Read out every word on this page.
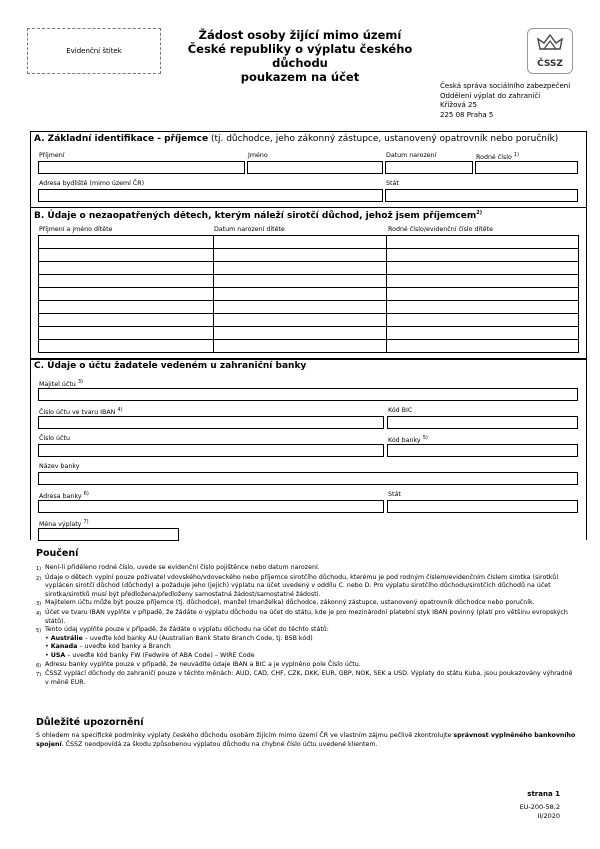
Evidenční štítek
Žádost osoby žijící mimo území
České republiky o výplatu českého důchodu
poukazem na účet
ČSSZ
Česká správa sociálního zabezpečení
Oddělení výplat do zahraničí
Křížová 25
225 08 Praha 5
A. Základní identifikace - příjemce (tj. důchodce, jeho zákonný zástupce, ustanovený opatrovník nebo poručník)
Příjmení	Jméno	Datum narození	Rodné číslo $^{1)}$
Adresa bydliště (mimo území ČR)	Stát
B. Údaje o nezaopatřených dětech, kterým náleží sirotčí důchod, jehož jsem příjemcem$^{2)}$
Příjmení a jméno dítěte	Datum narození dítěte	Rodné číslo/evidenční číslo dítěte

C. Údaje o účtu žadatele vedeném u zahraniční banky
Majitel účtu $^{3)}$
Číslo účtu ve tvaru IBAN $^{4)}$	Kód BIC
Číslo účtu	Kód banky $^{5)}$
Název banky
Adresa banky $^{6)}$	Stát
Měna výplaty $^{7)}$
Poučení
1) Není-li přiděleno rodné číslo, uvede se evidenční číslo pojištěnce nebo datum narození.
2) Údaje o dětech vyplní pouze poživatel vdovského/vdoveckého nebo příjemce sirotčího důchodu, kterému je pod rodným číslem/evidenčním číslem sirotka (sirotků) vyplácen sirotčí důchod (důchody) a požaduje jeho (jejich) výplatu na účet uvedený v oddílu C. nebo D. Pro výplatu sirotčího důchodu/sirotčích důchodů na účet sirotka/sirotků musí být předložena/předloženy samostatná žádost/samostatné žádosti.
3) Majitelem účtu může být pouze příjemce (tj. důchodce), manžel (manželka) důchodce, zákonný zástupce, ustanovený opatrovník důchodce nebo poručník.
4) Účet ve tvaru IBAN vyplňte v případě, že žádáte o výplatu důchodu na účet do státu, kde je pro mezinárodní platební styk IBAN povinný (platí pro většinu evropských států).
5) Tento údaj vyplňte pouze v případě, že žádáte o výplatu důchodu na účet do těchto států:
• Austrálie – uveďte kód banky AU (Australian Bank State Branch Code, tj. BSB kód)
• Kanada – uveďte kód banky a Branch
• USA – uveďte kód banky FW (Fedwire of ABA Code) – WIRE Code
6) Adresu banky vyplňte pouze v případě, že neuvádíte údaje IBAN a BIC a je vyplněno pole Číslo účtu.
7) ČSSZ vyplácí důchody do zahraničí pouze v těchto měnách: AUD, CAD, CHF, CZK, DKK, EUR, GBP, NOK, SEK a USD. Výplaty do státu Kuba, jsou poukazovány výhradně v měně EUR.
Důležité upozornění
S ohledem na specifické podmínky výplaty českého důchodu osobám žijícím mimo území ČR ve vlastním zájmu pečlivě zkontrolujte správnost vyplněného bankovního spojení. ČSSZ neodpovídá za škodu způsobenou výplatou důchodu na chybné číslo účtu uvedené klientem.
strana 1
EU-200-58.2
II/2020
